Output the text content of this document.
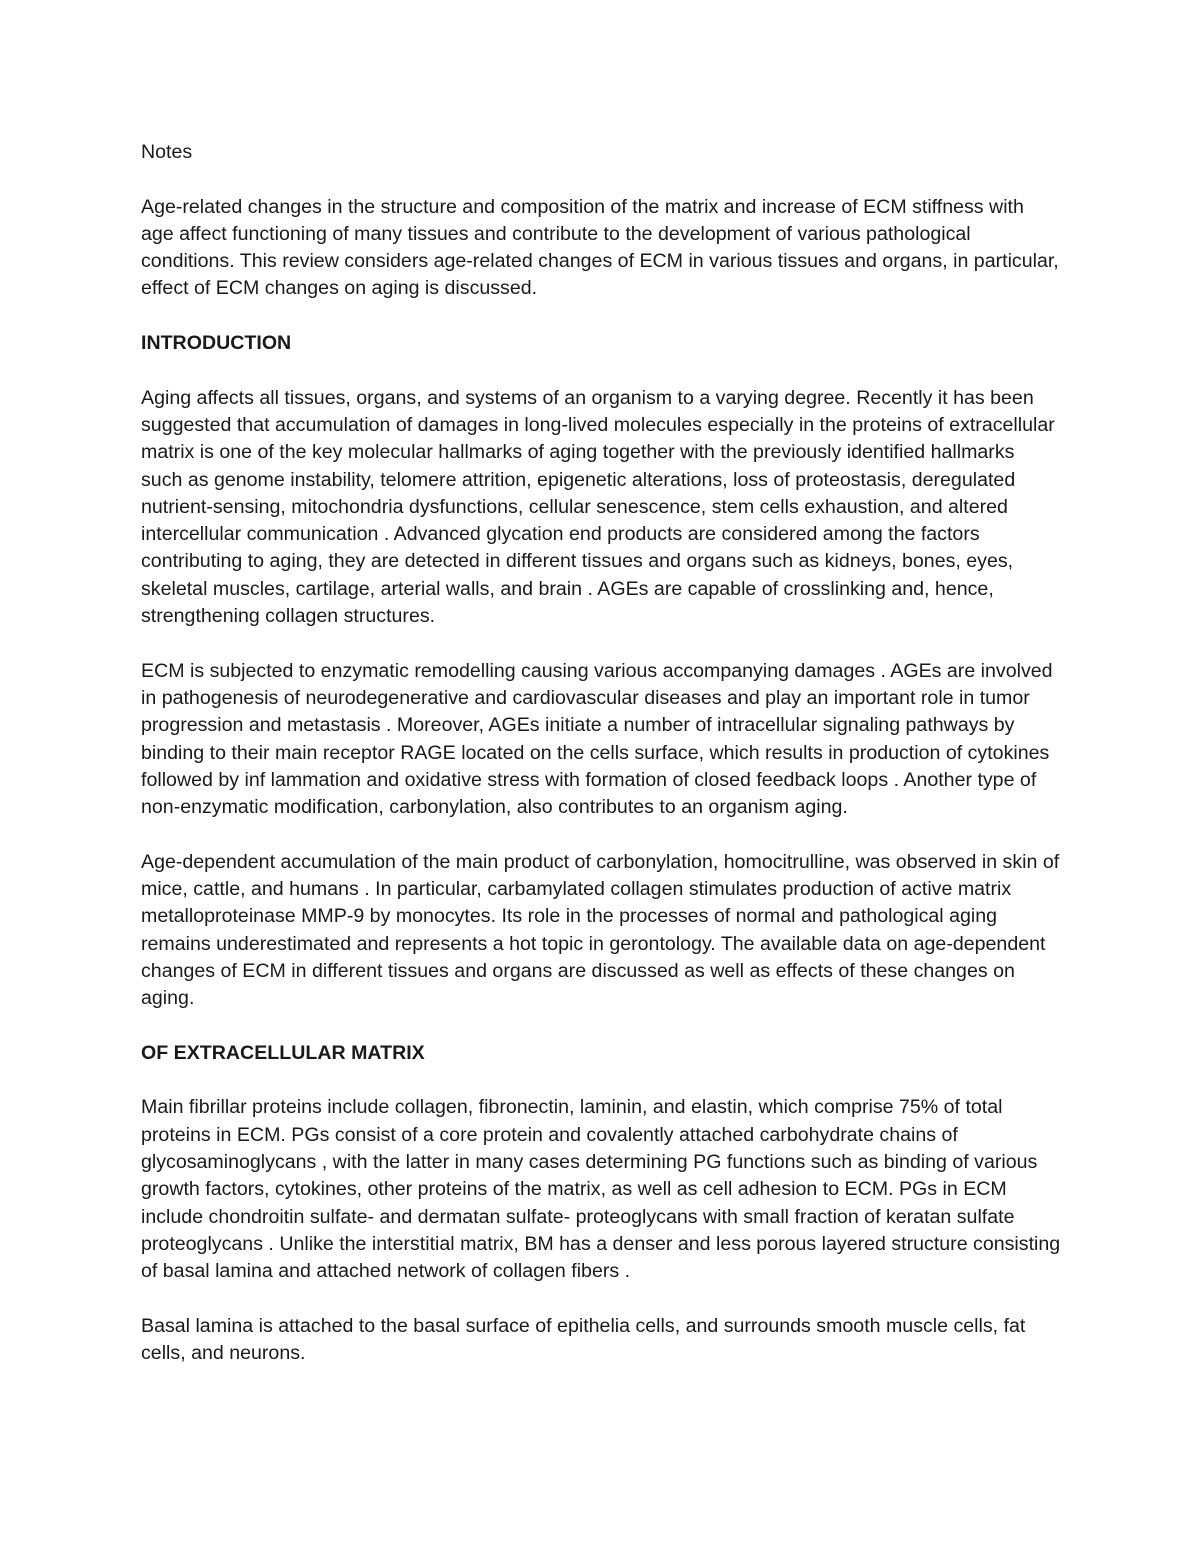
Notes

Age-related changes in the structure and composition of the matrix and increase of ECM stiffness with age affect functioning of many tissues and contribute to the development of various pathological conditions. This review considers age-related changes of ECM in various tissues and organs, in particular, effect of ECM changes on aging is discussed.

INTRODUCTION

Aging affects all tissues, organs, and systems of an organism to a varying degree. Recently it has been suggested that accumulation of damages in long-lived molecules especially in the proteins of extracellular matrix is one of the key molecular hallmarks of aging together with the previously identified hallmarks such as genome instability, telomere attrition, epigenetic alterations, loss of proteostasis, deregulated nutrient-sensing, mitochondria dysfunctions, cellular senescence, stem cells exhaustion, and altered intercellular communication . Advanced glycation end products are considered among the factors contributing to aging, they are detected in different tissues and organs such as kidneys, bones, eyes, skeletal muscles, cartilage, arterial walls, and brain . AGEs are capable of crosslinking and, hence, strengthening collagen structures.

ECM is subjected to enzymatic remodelling causing various accompanying damages . AGEs are involved in pathogenesis of neurodegenerative and cardiovascular diseases and play an important role in tumor progression and metastasis . Moreover, AGEs initiate a number of intracellular signaling pathways by binding to their main receptor RAGE located on the cells surface, which results in production of cytokines followed by inf lammation and oxidative stress with formation of closed feedback loops . Another type of non-enzymatic modification, carbonylation, also contributes to an organism aging.

Age-dependent accumulation of the main product of carbonylation, homocitrulline, was observed in skin of mice, cattle, and humans . In particular, carbamylated collagen stimulates production of active matrix metalloproteinase MMP-9 by monocytes. Its role in the processes of normal and pathological aging remains underestimated and represents a hot topic in gerontology. The available data on age-dependent changes of ECM in different tissues and organs are discussed as well as effects of these changes on aging.

OF EXTRACELLULAR MATRIX

Main fibrillar proteins include collagen, fibronectin, laminin, and elastin, which comprise 75% of total proteins in ECM. PGs consist of a core protein and covalently attached carbohydrate chains of glycosaminoglycans , with the latter in many cases determining PG functions such as binding of various growth factors, cytokines, other proteins of the matrix, as well as cell adhesion to ECM. PGs in ECM include chondroitin sulfate- and dermatan sulfate- proteoglycans with small fraction of keratan sulfate proteoglycans . Unlike the interstitial matrix, BM has a denser and less porous layered structure consisting of basal lamina and attached network of collagen fibers .

Basal lamina is attached to the basal surface of epithelia cells, and surrounds smooth muscle cells, fat cells, and neurons.
